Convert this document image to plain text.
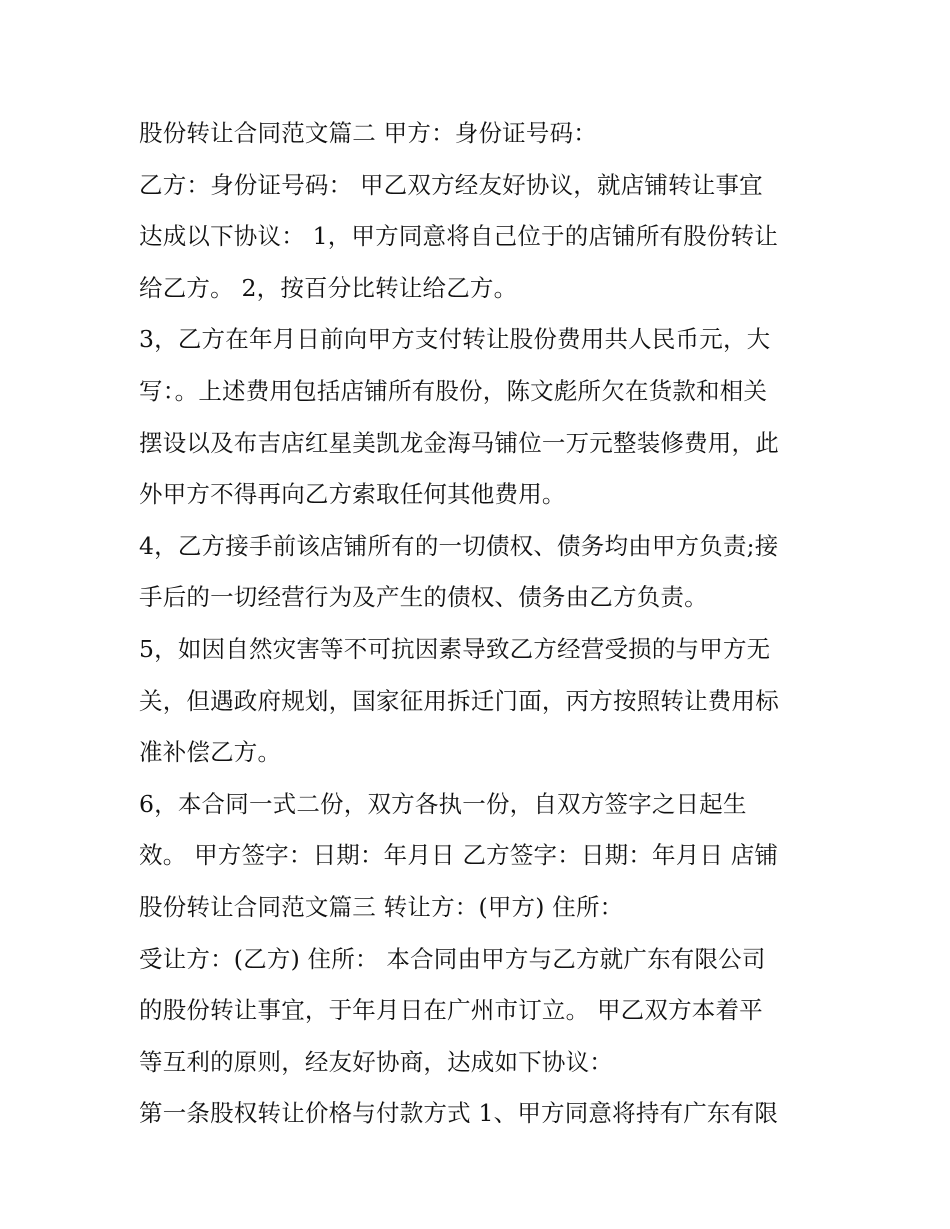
股份转让合同范文篇二 甲方：身份证号码：
乙方：身份证号码： 甲乙双方经友好协议，就店铺转让事宜
达成以下协议： 1，甲方同意将自己位于的店铺所有股份转让
给乙方。 2，按百分比转让给乙方。
3，乙方在年月日前向甲方支付转让股份费用共人民币元，大
写：。上述费用包括店铺所有股份，陈文彪所欠在货款和相关
摆设以及布吉店红星美凯龙金海马铺位一万元整装修费用，此
外甲方不得再向乙方索取任何其他费用。
4，乙方接手前该店铺所有的一切债权、债务均由甲方负责;接
手后的一切经营行为及产生的债权、债务由乙方负责。
5，如因自然灾害等不可抗因素导致乙方经营受损的与甲方无
关，但遇政府规划，国家征用拆迁门面，丙方按照转让费用标
准补偿乙方。
6，本合同一式二份，双方各执一份，自双方签字之日起生
效。 甲方签字：日期：年月日 乙方签字：日期：年月日 店铺
股份转让合同范文篇三 转让方：(甲方) 住所：
受让方：(乙方) 住所： 本合同由甲方与乙方就广东有限公司
的股份转让事宜，于年月日在广州市订立。 甲乙双方本着平
等互利的原则，经友好协商，达成如下协议：
第一条股权转让价格与付款方式 1、甲方同意将持有广东有限
